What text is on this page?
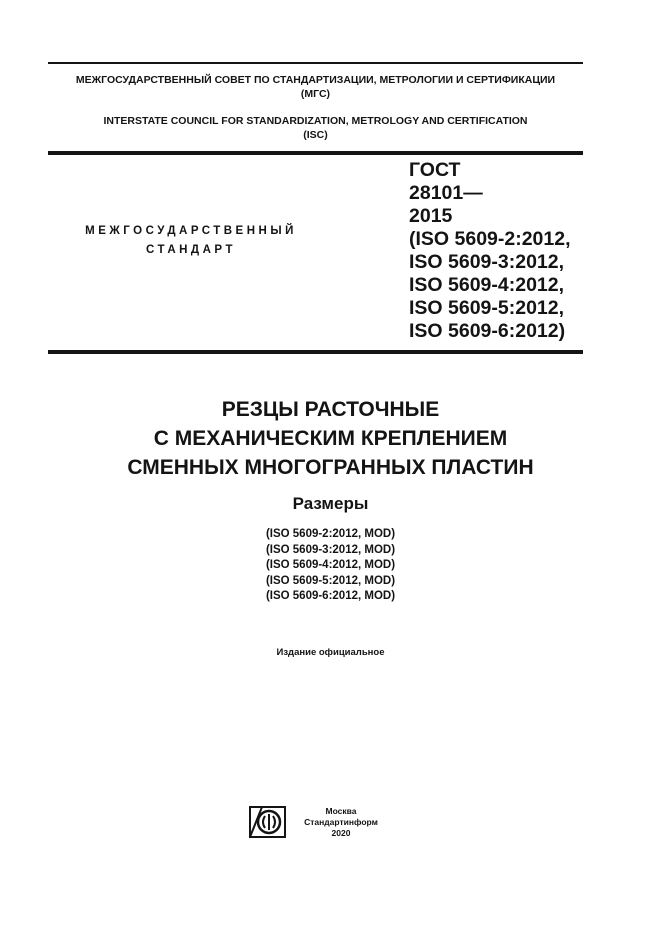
МЕЖГОСУДАРСТВЕННЫЙ СОВЕТ ПО СТАНДАРТИЗАЦИИ, МЕТРОЛОГИИ И СЕРТИФИКАЦИИ
(МГС)
INTERSTATE COUNCIL FOR STANDARDIZATION, METROLOGY AND CERTIFICATION
(ISC)
МЕЖГОСУДАРСТВЕННЫЙ
СТАНДАРТ
ГОСТ
28101—
2015
(ISO 5609-2:2012,
ISO 5609-3:2012,
ISO 5609-4:2012,
ISO 5609-5:2012,
ISO 5609-6:2012)
РЕЗЦЫ РАСТОЧНЫЕ
С МЕХАНИЧЕСКИМ КРЕПЛЕНИЕМ
СМЕННЫХ МНОГОГРАННЫХ ПЛАСТИН
Размеры
(ISO 5609-2:2012, MOD)
(ISO 5609-3:2012, MOD)
(ISO 5609-4:2012, MOD)
(ISO 5609-5:2012, MOD)
(ISO 5609-6:2012, MOD)
Издание официальное
Москва
Стандартинформ
2020
